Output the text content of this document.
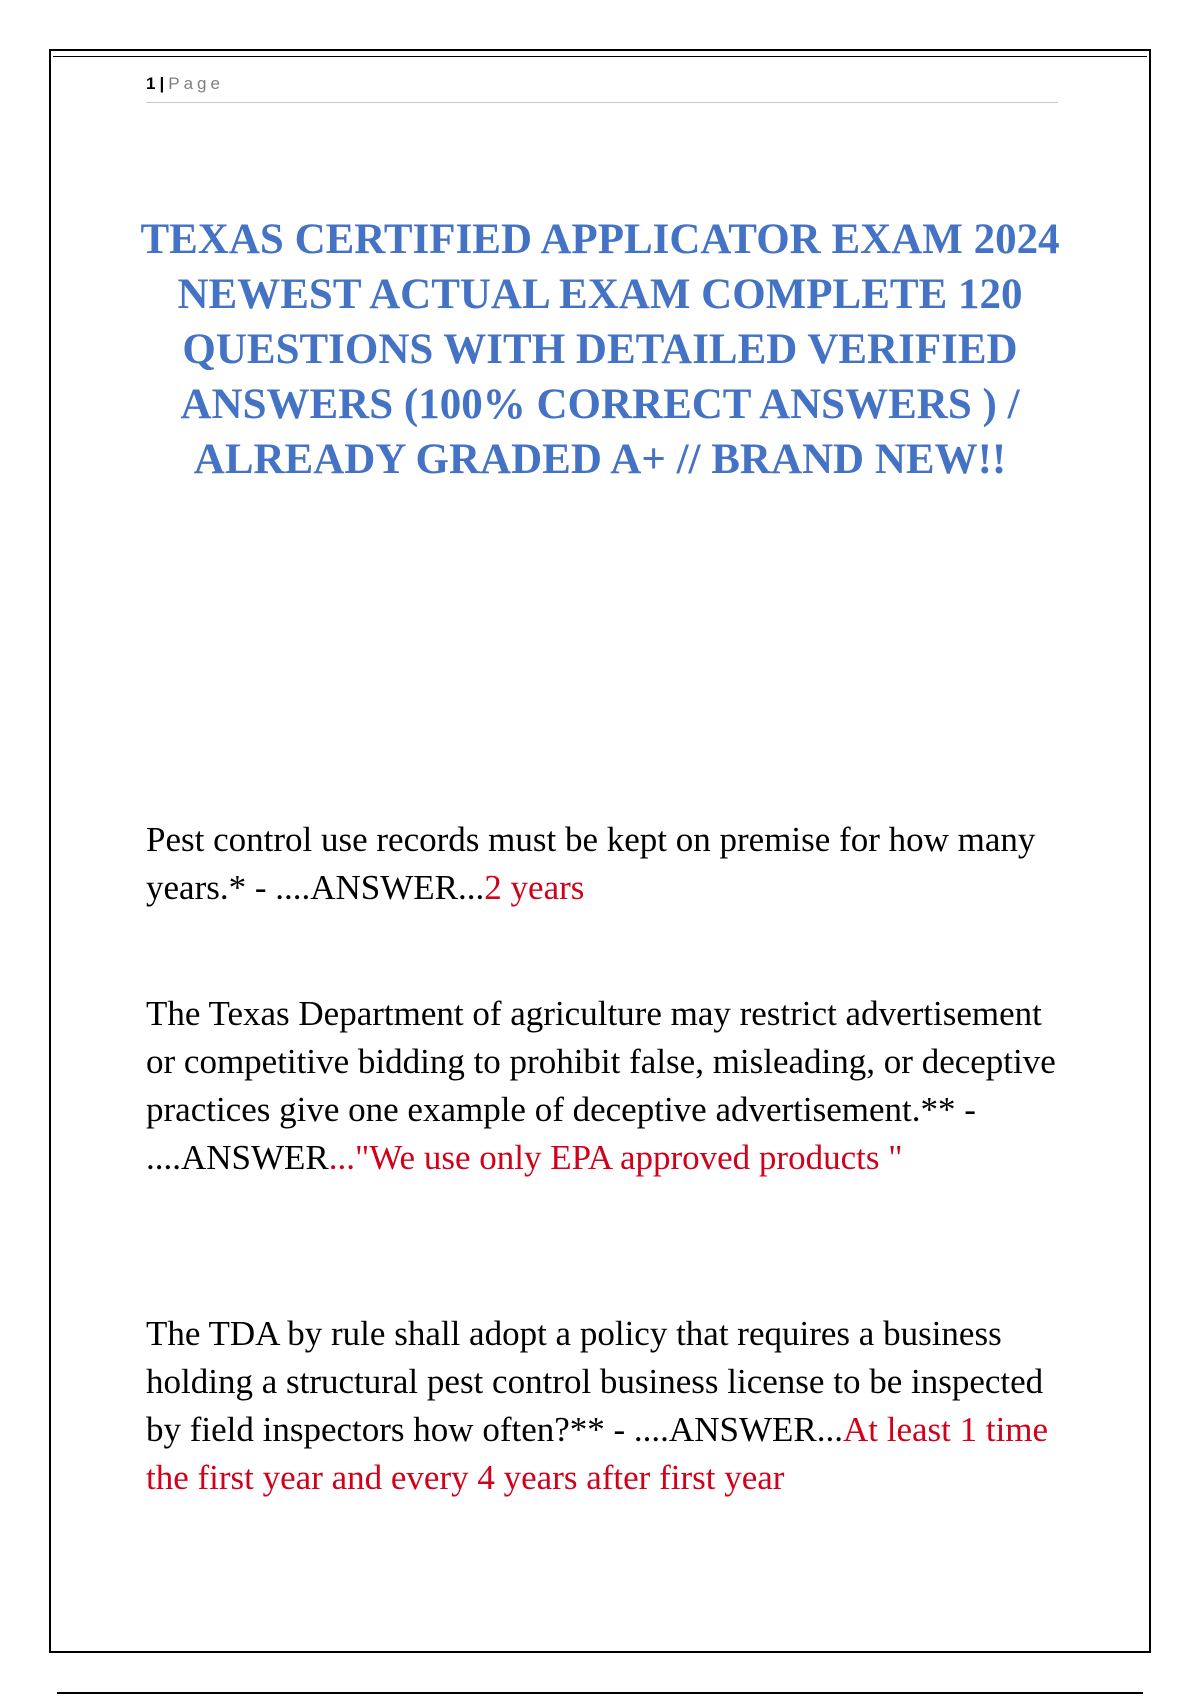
1 | Page
TEXAS CERTIFIED APPLICATOR EXAM 2024 NEWEST ACTUAL EXAM COMPLETE 120 QUESTIONS WITH DETAILED VERIFIED ANSWERS (100% CORRECT ANSWERS ) / ALREADY GRADED A+ // BRAND NEW!!

Pest control use records must be kept on premise for how many years.* - ....ANSWER...2 years

The Texas Department of agriculture may restrict advertisement or competitive bidding to prohibit false, misleading, or deceptive practices give one example of deceptive advertisement.** - ....ANSWER..."We use only EPA approved products "

The TDA by rule shall adopt a policy that requires a business holding a structural pest control business license to be inspected by field inspectors how often?** - ....ANSWER...At least 1 time the first year and every 4 years after first year
